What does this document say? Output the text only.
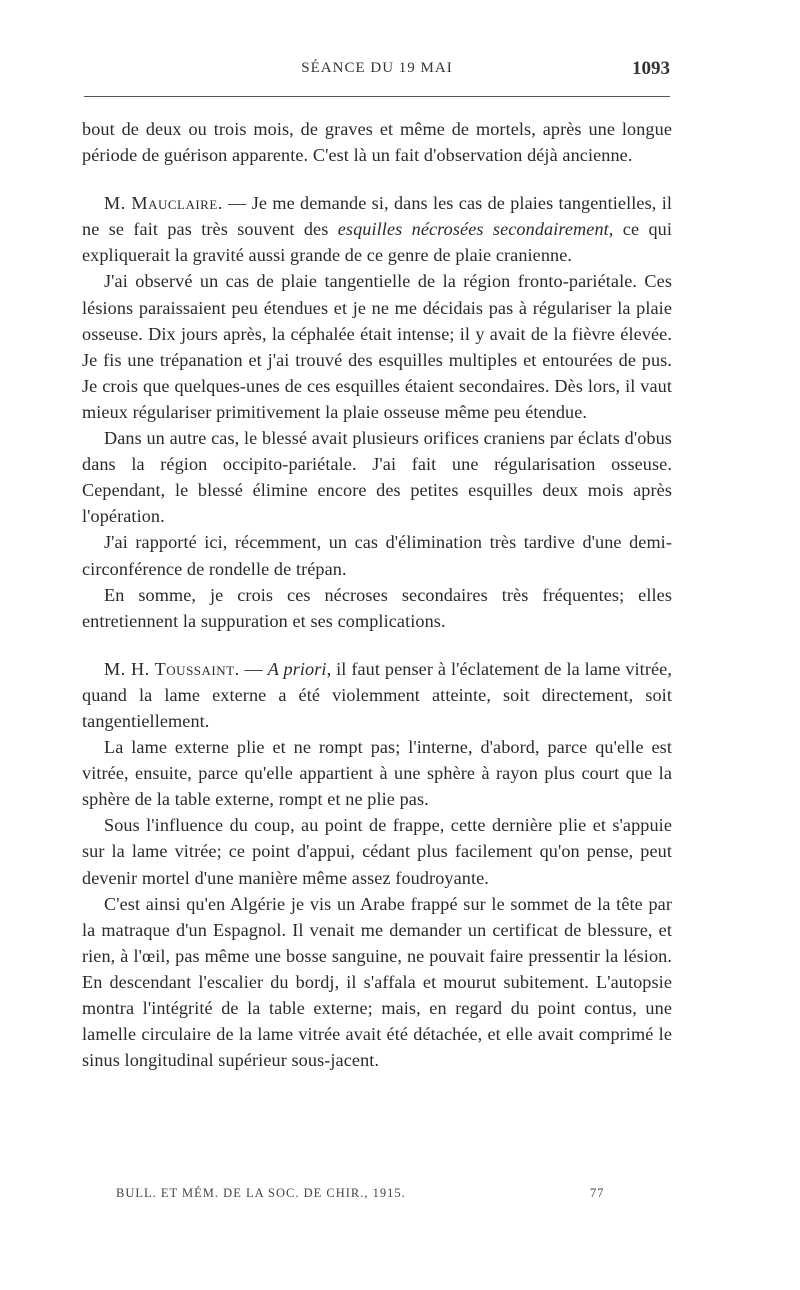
SÉANCE DU 19 MAI	1093

bout de deux ou trois mois, de graves et même de mortels, après une longue période de guérison apparente. C'est là un fait d'observation déjà ancienne.

M. Mauclaire. — Je me demande si, dans les cas de plaies tangentielles, il ne se fait pas très souvent des esquilles nécrosées secondairement, ce qui expliquerait la gravité aussi grande de ce genre de plaie cranienne.

J'ai observé un cas de plaie tangentielle de la région fronto-pariétale. Ces lésions paraissaient peu étendues et je ne me décidais pas à régulariser la plaie osseuse. Dix jours après, la céphalée était intense; il y avait de la fièvre élevée. Je fis une trépanation et j'ai trouvé des esquilles multiples et entourées de pus. Je crois que quelques-unes de ces esquilles étaient secondaires. Dès lors, il vaut mieux régulariser primitivement la plaie osseuse même peu étendue.

Dans un autre cas, le blessé avait plusieurs orifices craniens par éclats d'obus dans la région occipito-pariétale. J'ai fait une régularisation osseuse. Cependant, le blessé élimine encore des petites esquilles deux mois après l'opération.

J'ai rapporté ici, récemment, un cas d'élimination très tardive d'une demi-circonférence de rondelle de trépan.

En somme, je crois ces nécroses secondaires très fréquentes; elles entretiennent la suppuration et ses complications.

M. H. Toussaint. — A priori, il faut penser à l'éclatement de la lame vitrée, quand la lame externe a été violemment atteinte, soit directement, soit tangentiellement.

La lame externe plie et ne rompt pas; l'interne, d'abord, parce qu'elle est vitrée, ensuite, parce qu'elle appartient à une sphère à rayon plus court que la sphère de la table externe, rompt et ne plie pas.

Sous l'influence du coup, au point de frappe, cette dernière plie et s'appuie sur la lame vitrée; ce point d'appui, cédant plus facilement qu'on pense, peut devenir mortel d'une manière même assez foudroyante.

C'est ainsi qu'en Algérie je vis un Arabe frappé sur le sommet de la tête par la matraque d'un Espagnol. Il venait me demander un certificat de blessure, et rien, à l'œil, pas même une bosse sanguine, ne pouvait faire pressentir la lésion. En descendant l'escalier du bordj, il s'affala et mourut subitement. L'autopsie montra l'intégrité de la table externe; mais, en regard du point contus, une lamelle circulaire de la lame vitrée avait été détachée, et elle avait comprimé le sinus longitudinal supérieur sous-jacent.

BULL. ET MÉM. DE LA SOC. DE CHIR., 1915.	77
